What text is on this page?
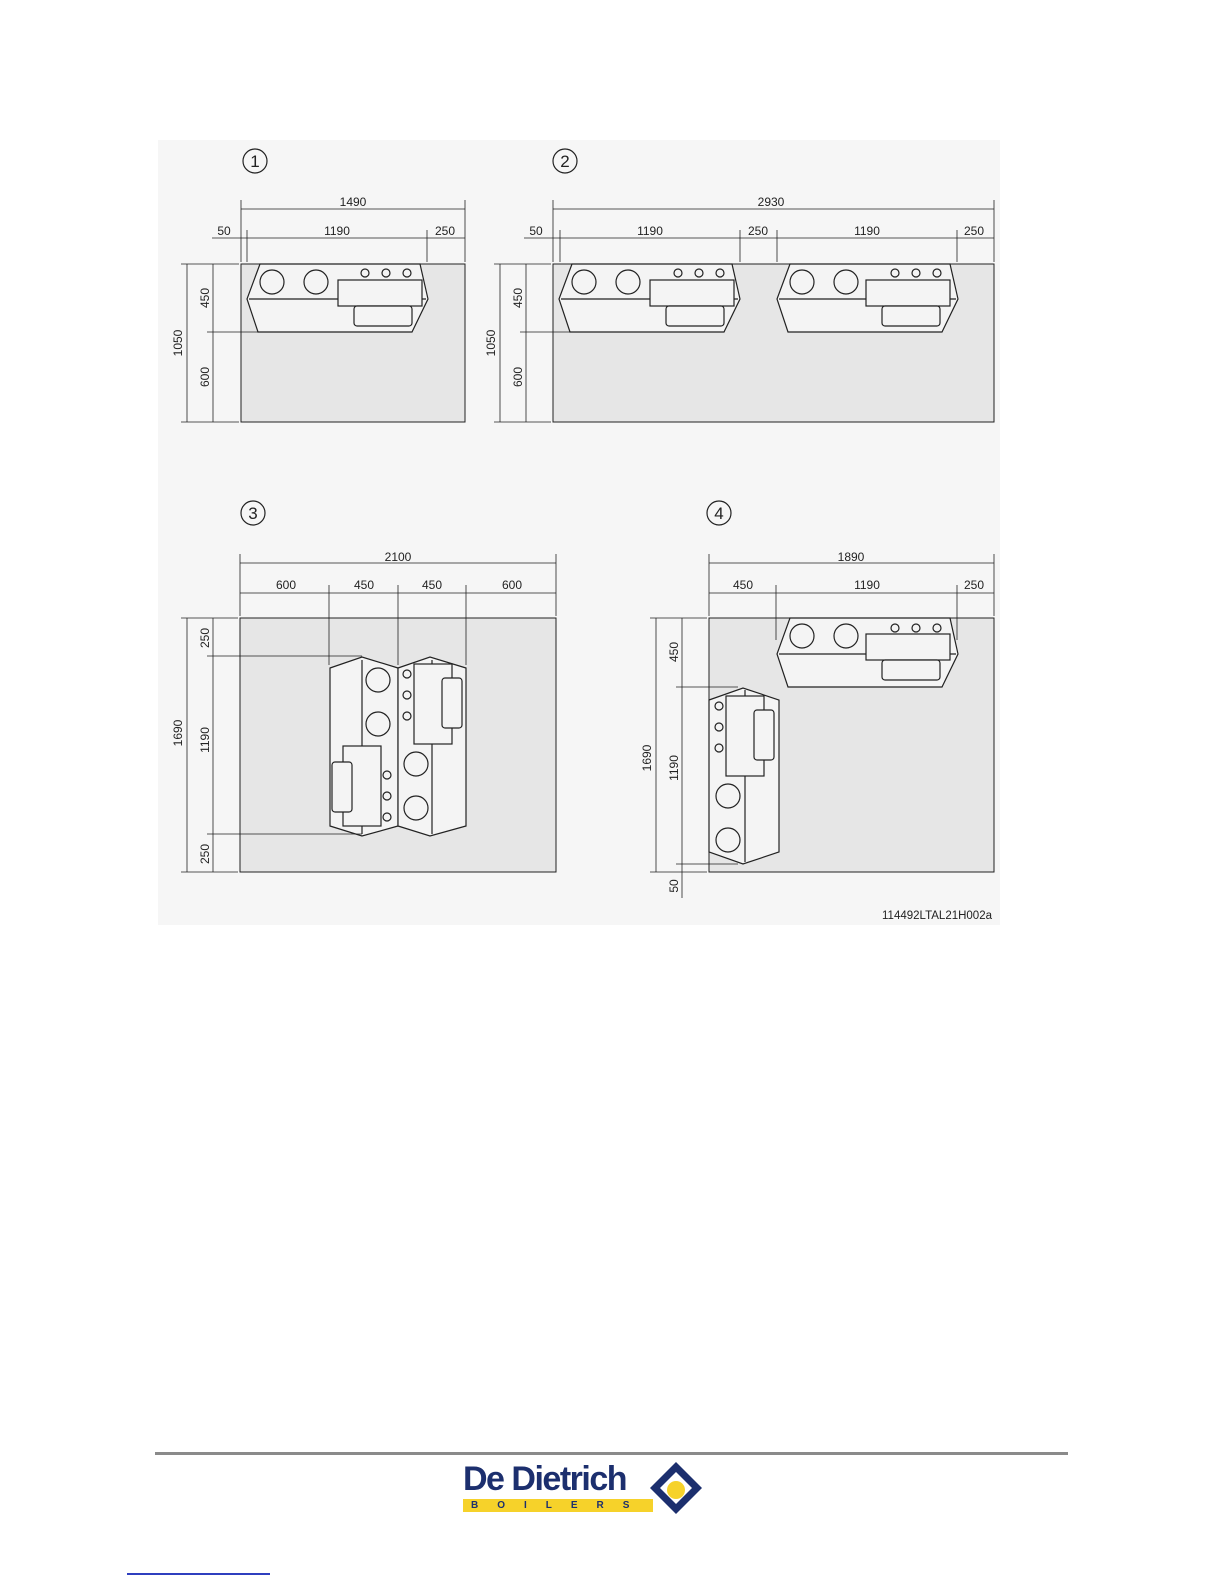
1
1490
50	1190	250
1050
450
600
2
2930
50	1190	250	1190	250
1050
450
600
3
2100
600	450	450	600
1690
250
1190
250
4
1890
450	1190	250
1690
450
1190
50
114492LTAL21H002a
De Dietrich
BOILERS
